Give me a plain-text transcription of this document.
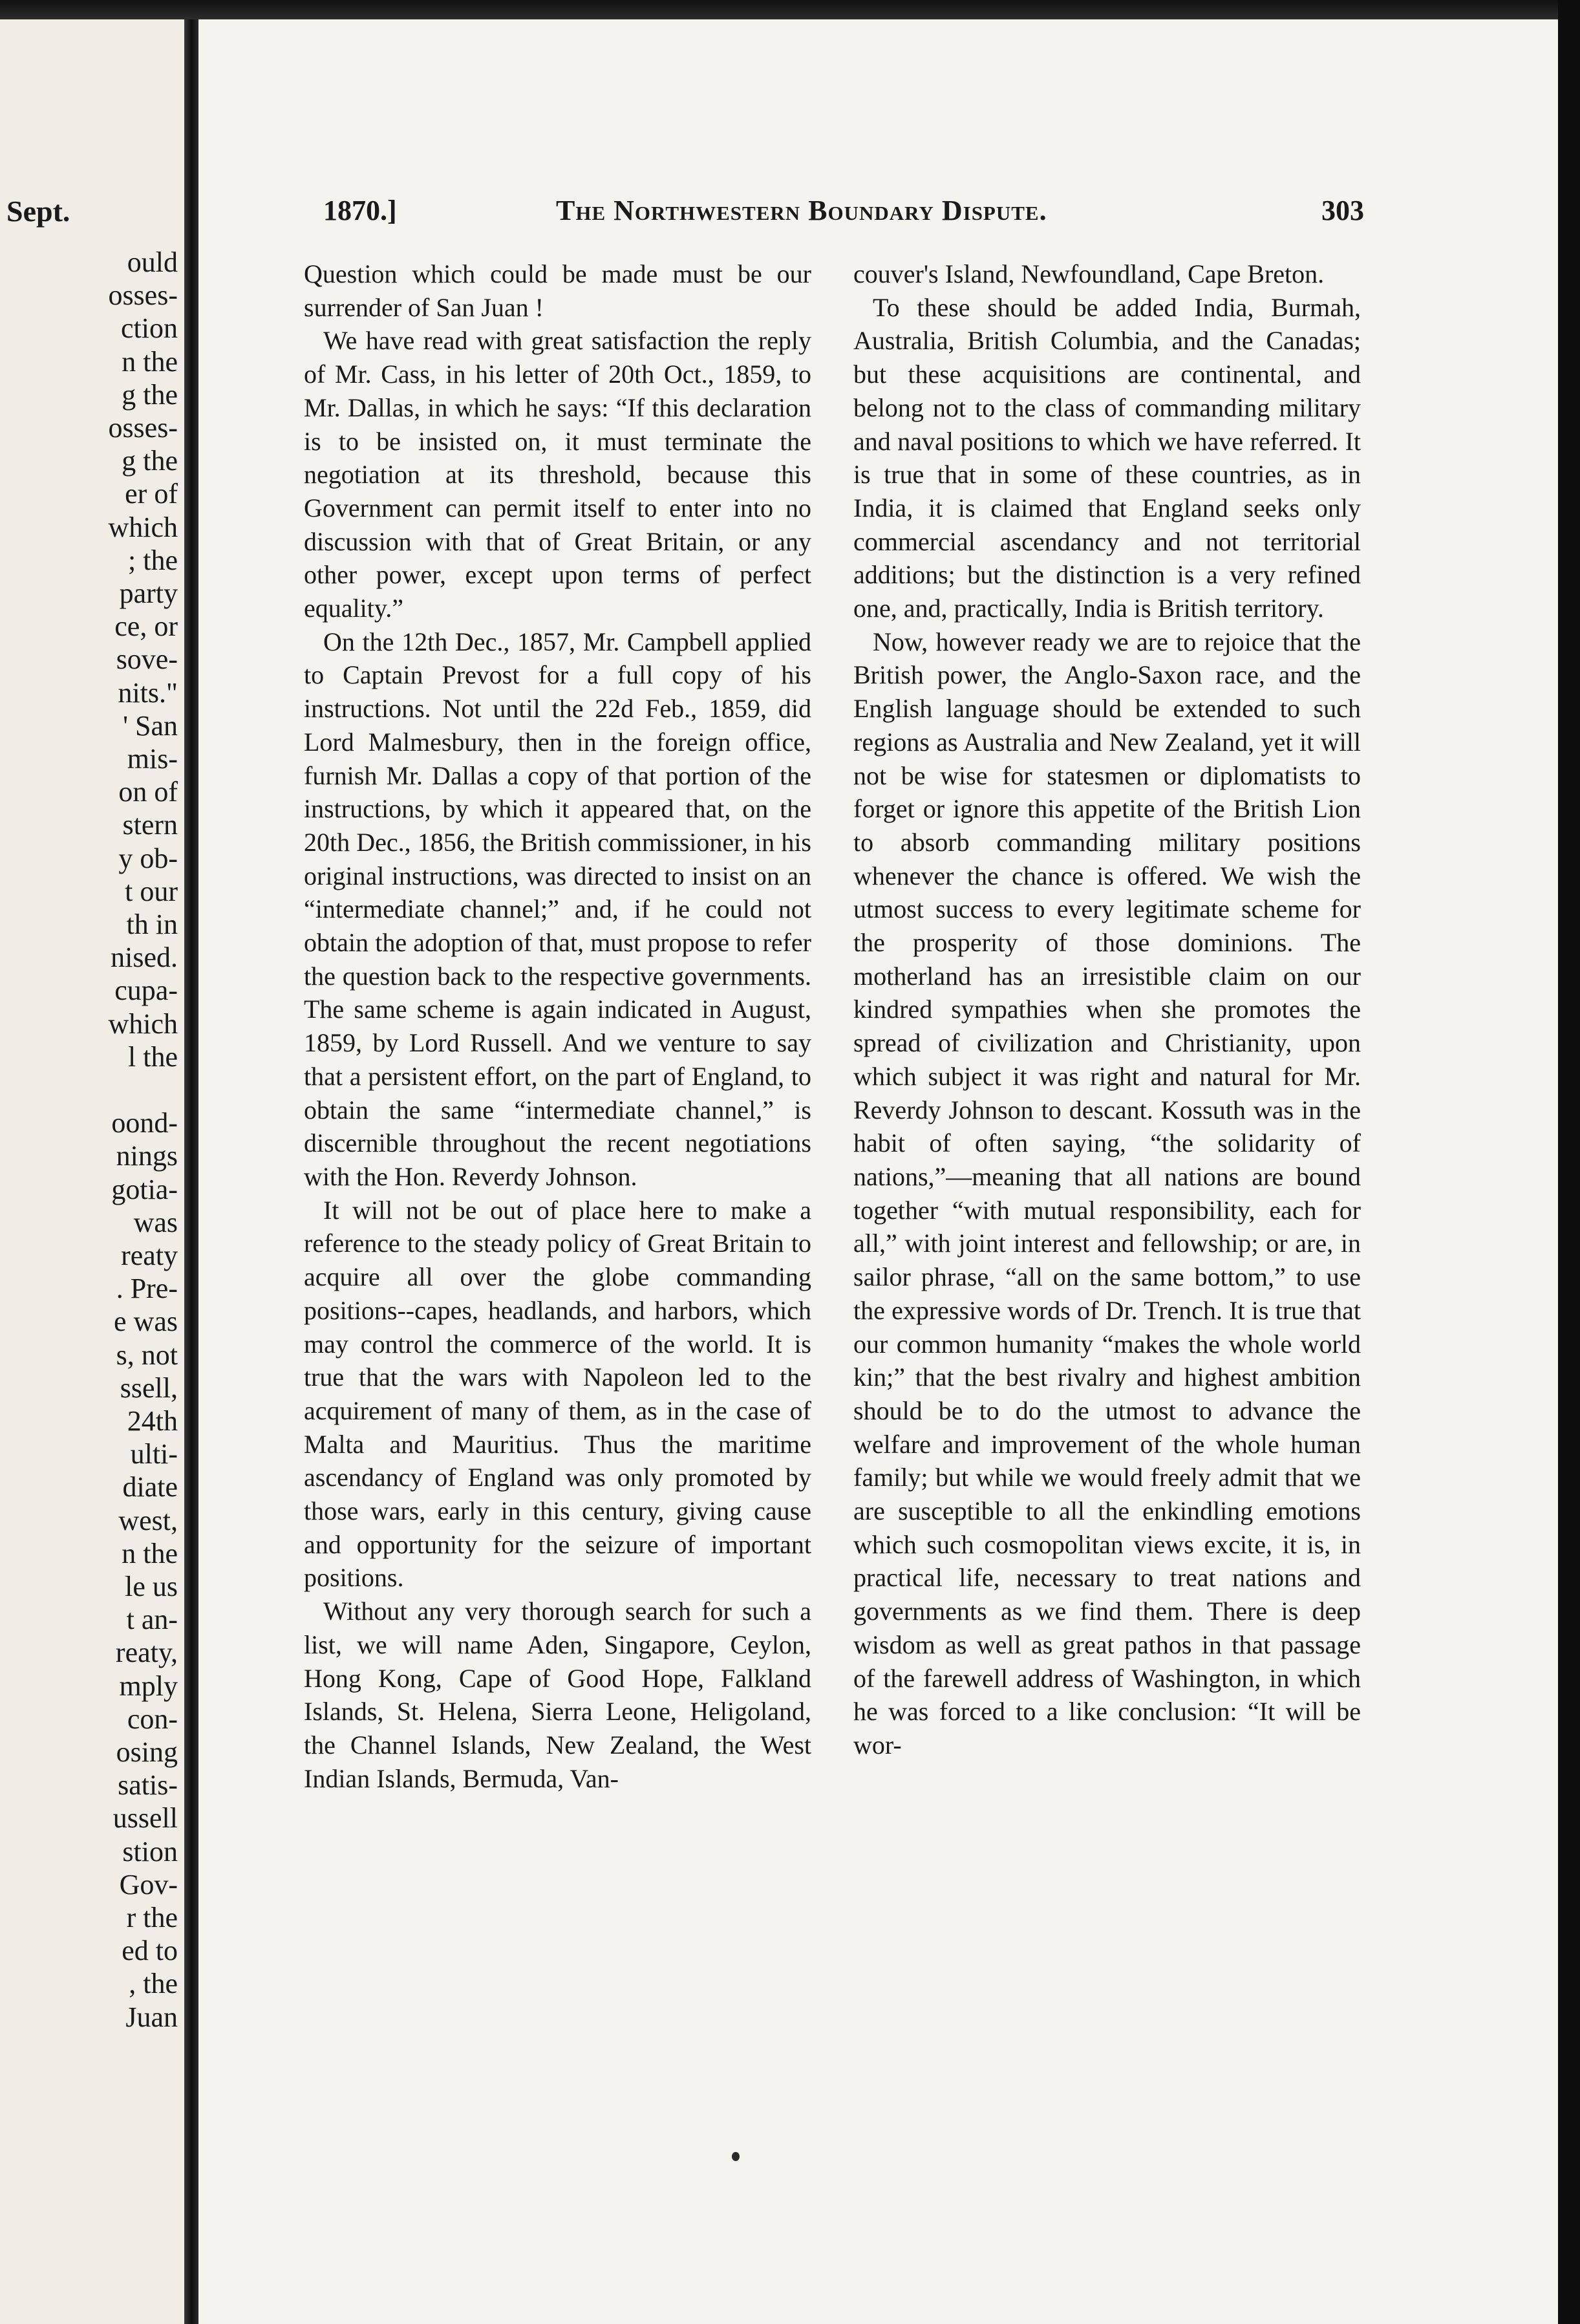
Sept.
ould
osses-
ction
n the
g the
osses-
g the
er of
which
; the
party
ce, or
sove-
nits."
' San
mis-
on of
stern
y ob-
t our
th in
nised.
cupa-
which
l the
oond-
nings
gotia-
was
reaty
. Pre-
e was
s, not
ssell,
24th
ulti-
diate
west,
n the
le us
t an-
reaty,
mply
con-
osing
satis-
ussell
stion
Gov-
r the
ed to
, the
Juan
1870.]	The Northwestern Boundary Dispute.	303

Question which could be made must be our surrender of San Juan !

We have read with great satisfaction the reply of Mr. Cass, in his letter of 20th Oct., 1859, to Mr. Dallas, in which he says: “If this declaration is to be insisted on, it must terminate the negotiation at its threshold, because this Government can permit itself to enter into no discussion with that of Great Britain, or any other power, except upon terms of perfect equality.”

On the 12th Dec., 1857, Mr. Campbell applied to Captain Prevost for a full copy of his instructions. Not until the 22d Feb., 1859, did Lord Malmesbury, then in the foreign office, furnish Mr. Dallas a copy of that portion of the instructions, by which it appeared that, on the 20th Dec., 1856, the British commissioner, in his original instructions, was directed to insist on an “intermediate channel;” and, if he could not obtain the adoption of that, must propose to refer the question back to the respective governments. The same scheme is again indicated in August, 1859, by Lord Russell. And we venture to say that a persistent effort, on the part of England, to obtain the same “intermediate channel,” is discernible throughout the recent negotiations with the Hon. Reverdy Johnson.

It will not be out of place here to make a reference to the steady policy of Great Britain to acquire all over the globe commanding positions--capes, headlands, and harbors, which may control the commerce of the world. It is true that the wars with Napoleon led to the acquirement of many of them, as in the case of Malta and Mauritius. Thus the maritime ascendancy of England was only promoted by those wars, early in this century, giving cause and opportunity for the seizure of important positions.

Without any very thorough search for such a list, we will name Aden, Singapore, Ceylon, Hong Kong, Cape of Good Hope, Falkland Islands, St. Helena, Sierra Leone, Heligoland, the Channel Islands, New Zealand, the West Indian Islands, Bermuda, Van-

couver's Island, Newfoundland, Cape Breton.

To these should be added India, Burmah, Australia, British Columbia, and the Canadas; but these acquisitions are continental, and belong not to the class of commanding military and naval positions to which we have referred. It is true that in some of these countries, as in India, it is claimed that England seeks only commercial ascendancy and not territorial additions; but the distinction is a very refined one, and, practically, India is British territory.

Now, however ready we are to rejoice that the British power, the Anglo-Saxon race, and the English language should be extended to such regions as Australia and New Zealand, yet it will not be wise for statesmen or diplomatists to forget or ignore this appetite of the British Lion to absorb commanding military positions whenever the chance is offered. We wish the utmost success to every legitimate scheme for the prosperity of those dominions. The motherland has an irresistible claim on our kindred sympathies when she promotes the spread of civilization and Christianity, upon which subject it was right and natural for Mr. Reverdy Johnson to descant. Kossuth was in the habit of often saying, “the solidarity of nations,”—meaning that all nations are bound together “with mutual responsibility, each for all,” with joint interest and fellowship; or are, in sailor phrase, “all on the same bottom,” to use the expressive words of Dr. Trench. It is true that our common humanity “makes the whole world kin;” that the best rivalry and highest ambition should be to do the utmost to advance the welfare and improvement of the whole human family; but while we would freely admit that we are susceptible to all the enkindling emotions which such cosmopolitan views excite, it is, in practical life, necessary to treat nations and governments as we find them. There is deep wisdom as well as great pathos in that passage of the farewell address of Washington, in which he was forced to a like conclusion: “It will be wor-
